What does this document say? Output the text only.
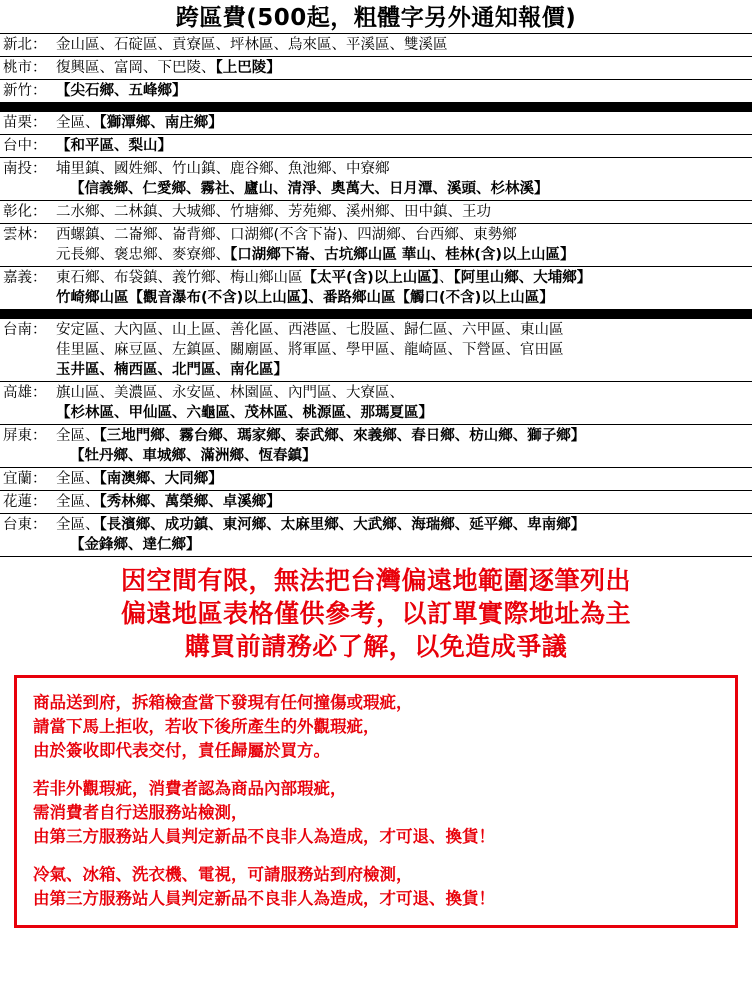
跨區費(500起，粗體字另外通知報價)
新北： 金山區、石碇區、貢寮區、坪林區、烏來區、平溪區、雙溪區
桃市： 復興區、富岡、下巴陵、【上巴陵】
新竹： 【尖石鄉、五峰鄉】
苗栗： 全區、【獅潭鄉、南庄鄉】
台中： 【和平區、梨山】
南投： 埔里鎮、國姓鄉、竹山鎮、鹿谷鄉、魚池鄉、中寮鄉
【信義鄉、仁愛鄉、霧社、廬山、清淨、奧萬大、日月潭、溪頭、杉林溪】
彰化： 二水鄉、二林鎮、大城鄉、竹塘鄉、芳苑鄉、溪州鄉、田中鎮、王功
雲林： 西螺鎮、二崙鄉、崙背鄉、口湖鄉(不含下崙)、四湖鄉、台西鄉、東勢鄉
元長鄉、褒忠鄉、麥寮鄉、【口湖鄉下崙、古坑鄉山區 華山、桂林(含)以上山區】
嘉義： 東石鄉、布袋鎮、義竹鄉、梅山鄉山區【太平(含)以上山區】、【阿里山鄉、大埔鄉】
竹崎鄉山區【觀音瀑布(不含)以上山區】、番路鄉山區【觸口(不含)以上山區】
台南： 安定區、大內區、山上區、善化區、西港區、七股區、歸仁區、六甲區、東山區
佳里區、麻豆區、左鎮區、關廟區、將軍區、學甲區、龍崎區、下營區、官田區
玉井區、楠西區、北門區、南化區】
高雄： 旗山區、美濃區、永安區、林園區、內門區、大寮區、
【杉林區、甲仙區、六龜區、茂林區、桃源區、那瑪夏區】
屏東： 全區、【三地門鄉、霧台鄉、瑪家鄉、泰武鄉、來義鄉、春日鄉、枋山鄉、獅子鄉】
【牡丹鄉、車城鄉、滿洲鄉、恆春鎮】
宜蘭： 全區、【南澳鄉、大同鄉】
花蓮： 全區、【秀林鄉、萬榮鄉、卓溪鄉】
台東： 全區、【長濱鄉、成功鎮、東河鄉、太麻里鄉、大武鄉、海瑞鄉、延平鄉、卑南鄉】
【金鋒鄉、達仁鄉】
因空間有限，無法把台灣偏遠地範圍逐筆列出
偏遠地區表格僅供參考，以訂單實際地址為主
購買前請務必了解，以免造成爭議

商品送到府，拆箱檢查當下發現有任何撞傷或瑕疵，

請當下馬上拒收，若收下後所產生的外觀瑕疵，

由於簽收即代表交付，責任歸屬於買方。

若非外觀瑕疵，消費者認為商品內部瑕疵，

需消費者自行送服務站檢測，

由第三方服務站人員判定新品不良非人為造成，才可退、換貨！

冷氣、冰箱、洗衣機、電視，可請服務站到府檢測，

由第三方服務站人員判定新品不良非人為造成，才可退、換貨！
